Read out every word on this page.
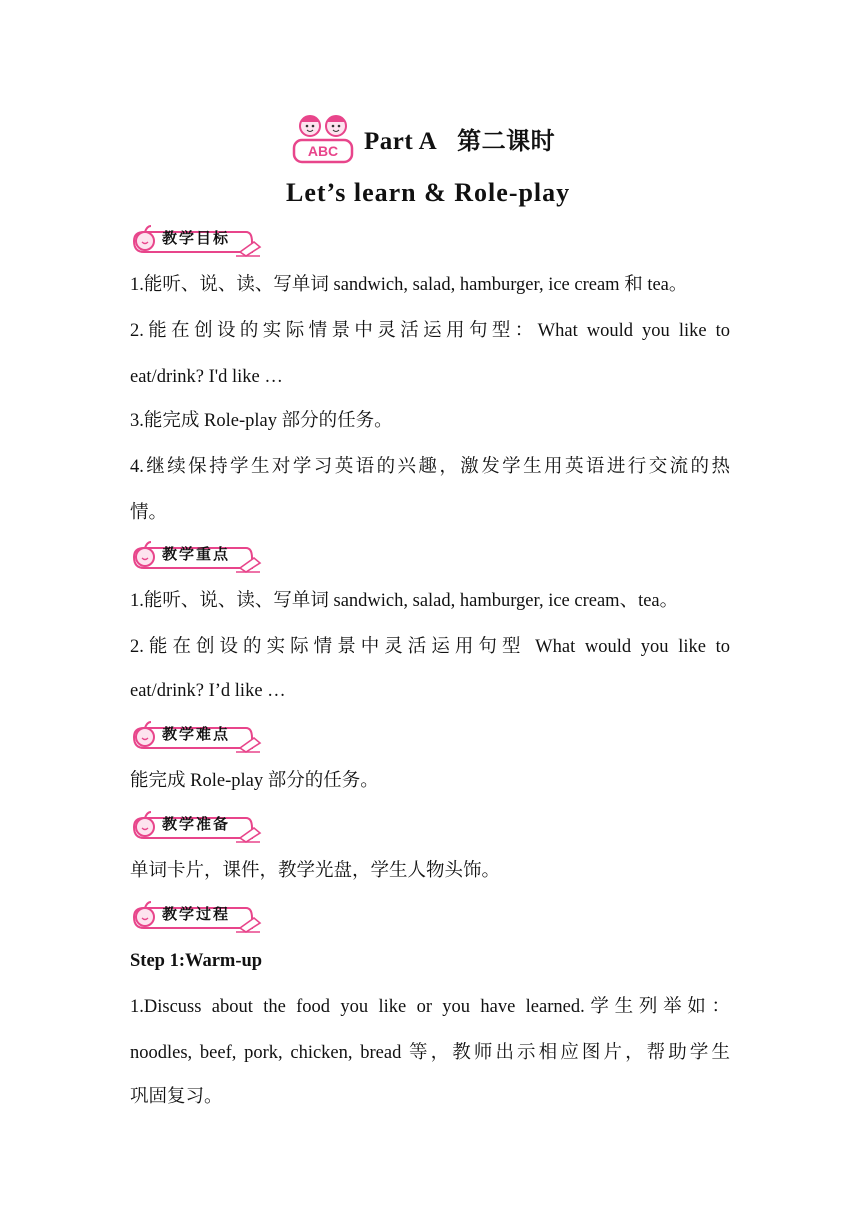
ABC Part A 第二课时
Let’s learn & Role-play
教学目标
1.能听、说、读、写单词 sandwich, salad, hamburger, ice cream 和 tea。
2.能在创设的实际情景中灵活运用句型：What would you like to
eat/drink? I'd like …
3.能完成 Role-play 部分的任务。
4.继续保持学生对学习英语的兴趣，激发学生用英语进行交流的热
情。
教学重点
1.能听、说、读、写单词 sandwich, salad, hamburger, ice cream、tea。
2.能在创设的实际情景中灵活运用句型 What would you like to
eat/drink? I’d like …
教学难点
能完成 Role-play 部分的任务。
教学准备
单词卡片，课件，教学光盘，学生人物头饰。
教学过程
Step 1:Warm-up
1.Discuss about the food you like or you have learned.学生列举如：
noodles, beef, pork, chicken, bread 等，教师出示相应图片，帮助学生
巩固复习。
